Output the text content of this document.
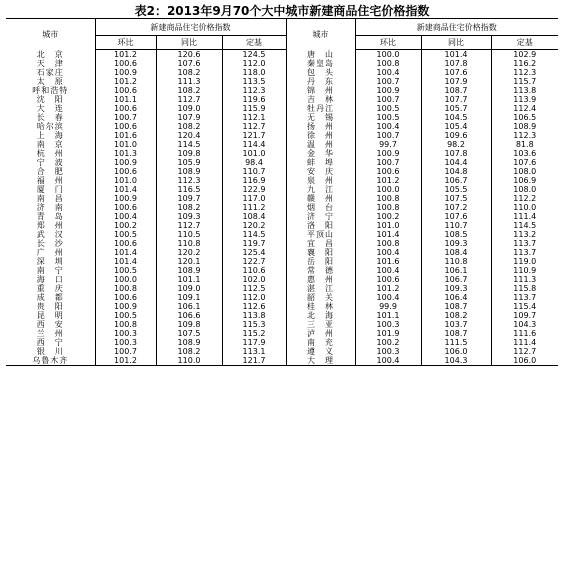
表2：2013年9月70个大中城市新建商品住宅价格指数
城市	新建商品住宅价格指数			城市	新建商品住宅价格指数		
	环比	同比	定基		环比	同比	定基
北　京	101.2	120.6	124.5	唐　山	100.0	101.4	102.9
天　津	100.6	107.6	112.0	秦皇岛	100.8	107.8	116.2
石家庄	100.9	108.2	118.0	包　头	100.4	107.6	112.3
太　原	101.2	111.3	113.5	丹　东	100.7	107.9	115.7
呼和浩特	100.6	108.2	112.3	锦　州	100.9	108.7	113.8
沈　阳	101.1	112.7	119.6	吉　林	100.7	107.7	113.9
大　连	100.6	109.0	115.9	牡丹江	100.5	105.7	112.4
长　春	100.7	107.9	112.1	无　锡	100.5	104.5	106.5
哈尔滨	100.6	108.2	112.7	扬　州	100.4	105.4	108.9
上　海	101.6	120.4	121.7	徐　州	100.7	109.6	112.3
南　京	101.0	114.5	114.4	温　州	99.7	98.2	81.8
杭　州	101.3	109.8	101.0	金　华	100.9	107.8	103.6
宁　波	100.9	105.9	98.4	蚌　埠	100.7	104.4	107.6
合　肥	100.6	108.9	110.7	安　庆	100.6	104.8	108.0
福　州	101.0	112.3	116.9	泉　州	101.2	106.7	106.9
厦　门	101.4	116.5	122.9	九　江	100.0	105.5	108.0
南　昌	100.9	109.7	117.0	赣　州	100.8	107.5	112.2
济　南	100.6	108.2	111.2	烟　台	100.8	107.2	110.0
青　岛	100.4	109.3	108.4	济　宁	100.2	107.6	111.4
郑　州	100.2	112.7	120.2	洛　阳	101.0	110.7	114.5
武　汉	100.5	110.5	114.5	平顶山	101.4	108.5	113.2
长　沙	100.6	110.8	119.7	宜　昌	100.8	109.3	113.7
广　州	101.4	120.2	125.4	襄　阳	100.4	108.4	113.7
深　圳	101.4	120.1	122.7	岳　阳	101.6	110.8	119.0
南　宁	100.5	108.9	110.6	常　德	100.4	106.1	110.9
海　口	100.0	101.1	102.0	惠　州	100.6	106.7	111.3
重　庆	100.8	109.0	112.5	湛　江	101.2	109.3	115.8
成　都	100.6	109.1	112.0	韶　关	100.4	106.4	113.7
贵　阳	100.9	106.1	112.6	桂　林	99.9	108.7	115.4
昆　明	100.5	106.6	113.8	北　海	101.1	108.2	109.7
西　安	100.8	109.8	115.3	三　亚	100.3	103.7	104.3
兰　州	100.3	107.5	115.2	泸　州	101.9	108.7	111.6
西　宁	100.3	108.9	117.9	南　充	100.2	111.5	111.4
银　川	100.7	108.2	113.1	遵　义	100.3	106.0	112.7
乌鲁木齐	101.2	110.0	121.7	大　理	100.4	104.3	106.0
